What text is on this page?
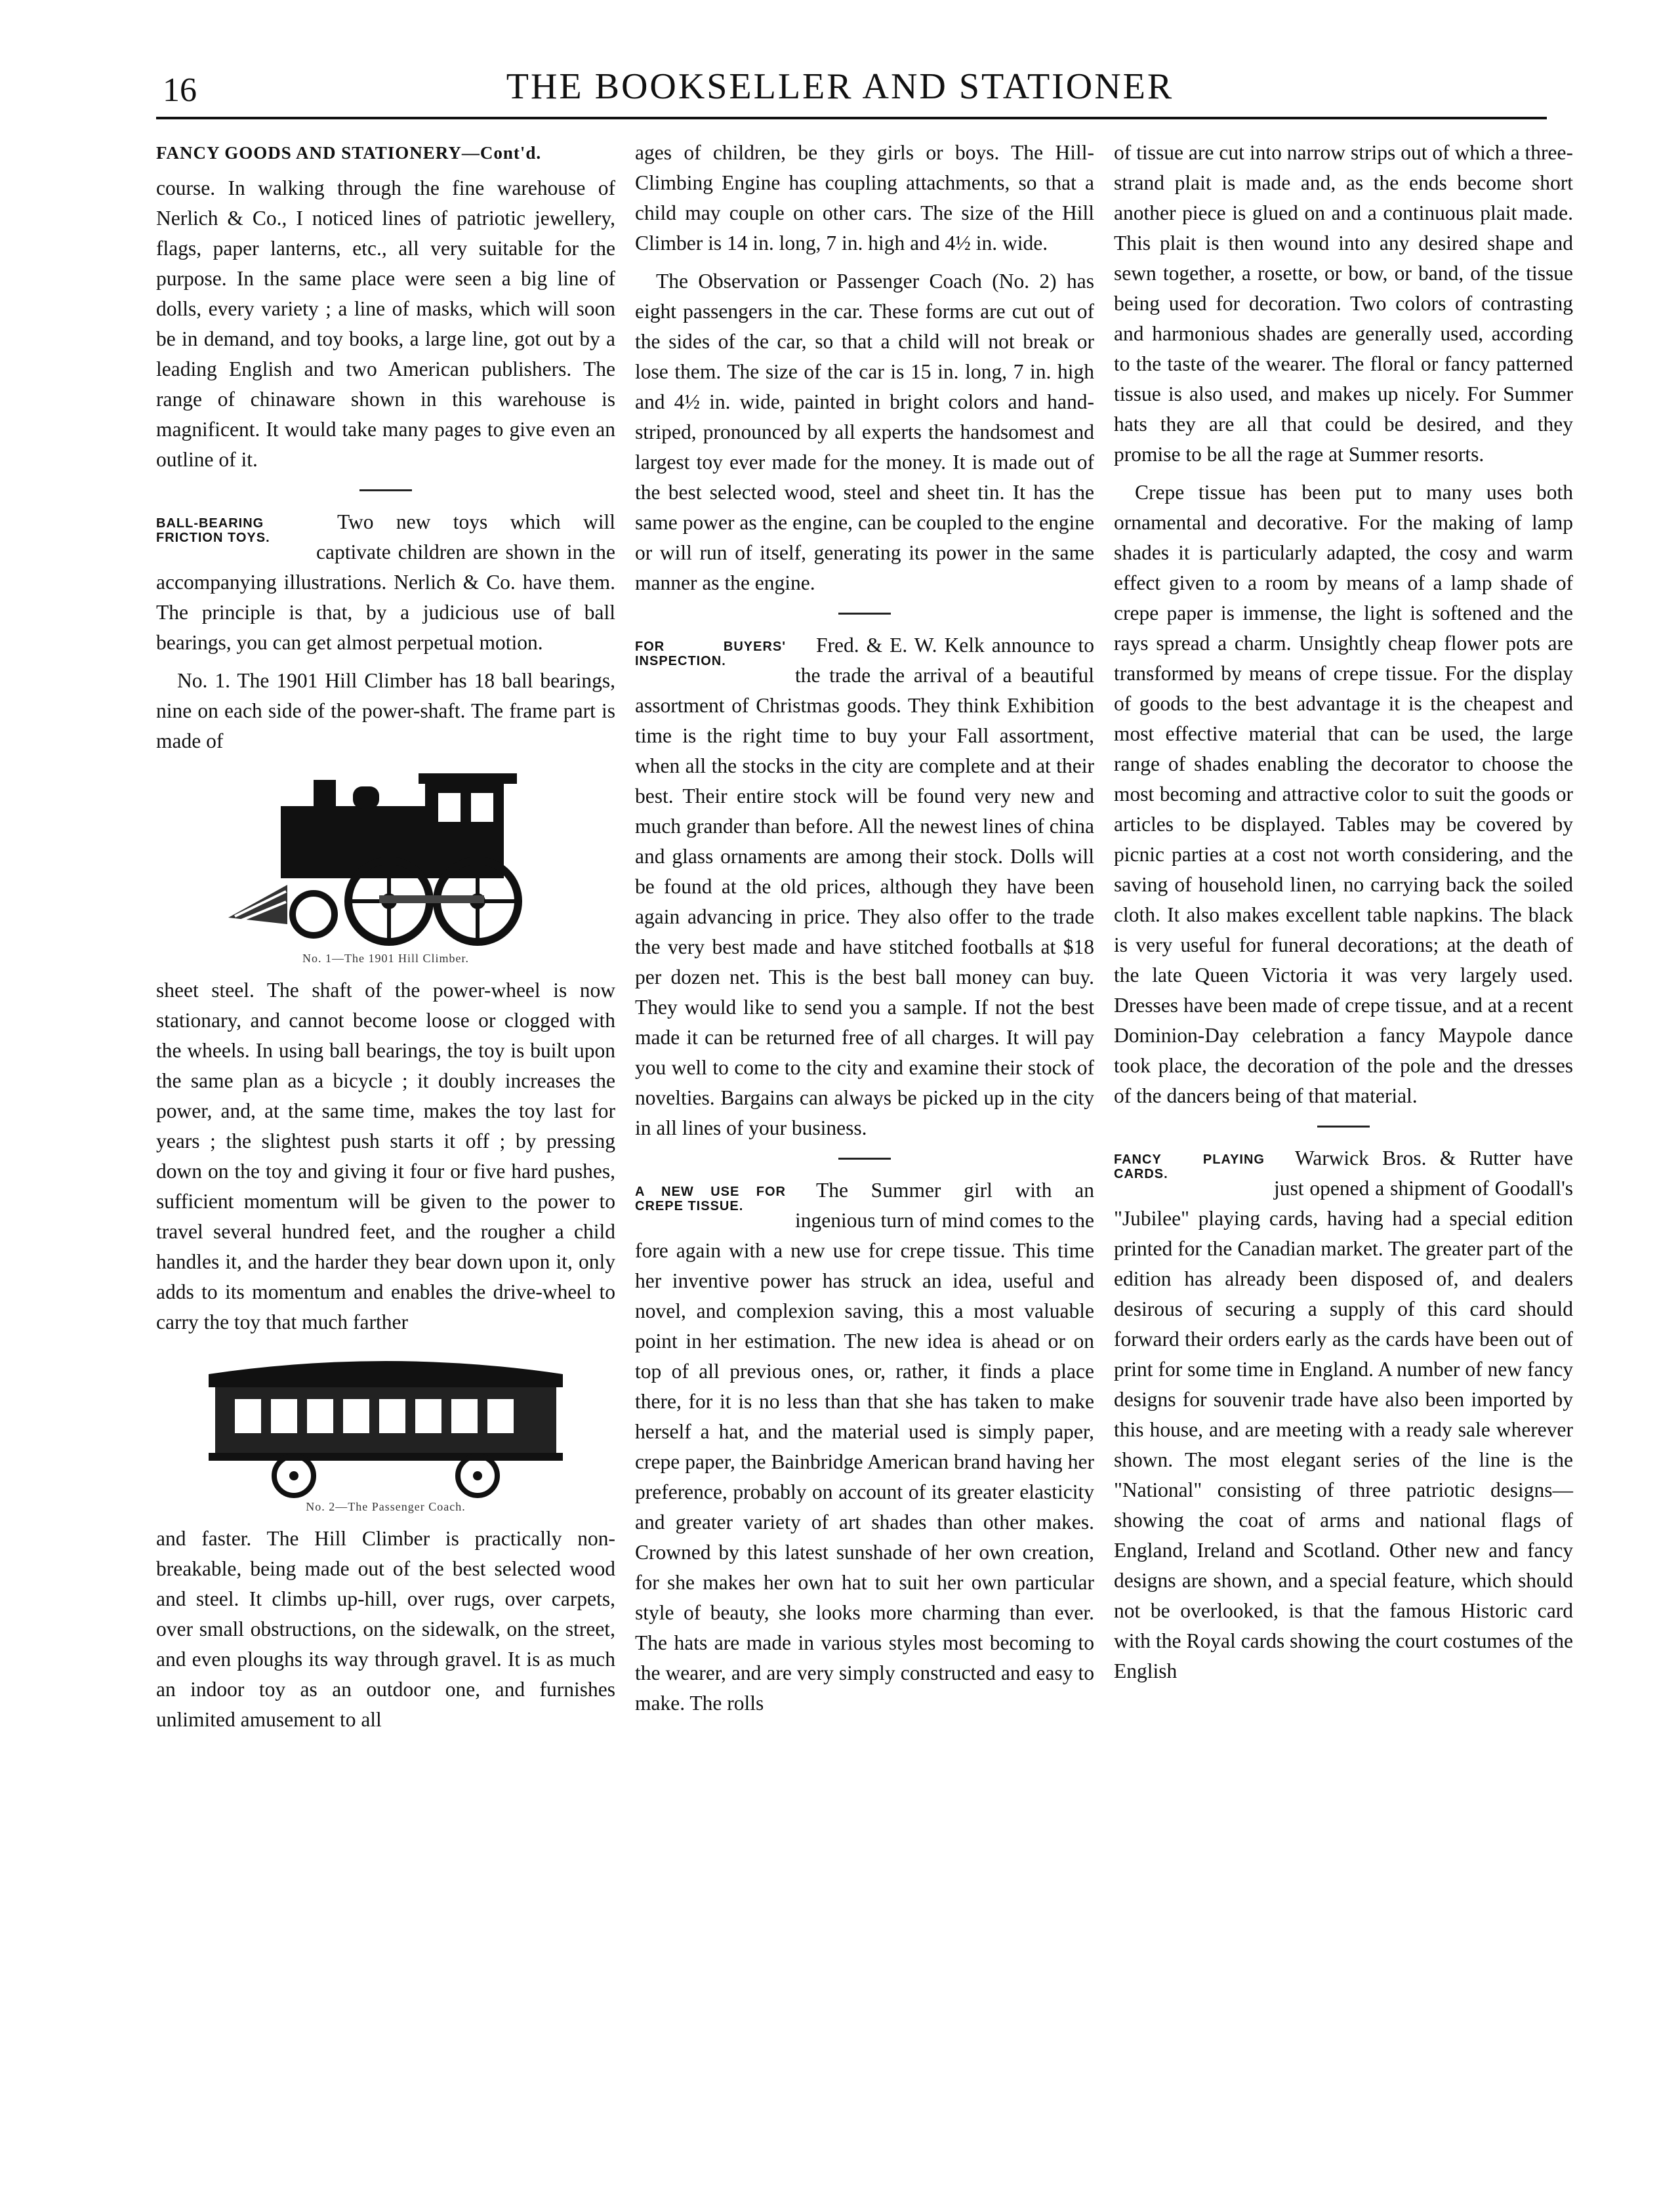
16	THE BOOKSELLER AND STATIONER
FANCY GOODS AND STATIONERY—Cont'd.

course. In walking through the fine warehouse of Nerlich & Co., I noticed lines of patriotic jewellery, flags, paper lanterns, etc., all very suitable for the purpose. In the same place were seen a big line of dolls, every variety ; a line of masks, which will soon be in demand, and toy books, a large line, got out by a leading English and two American publishers. The range of chinaware shown in this warehouse is magnificent. It would take many pages to give even an outline of it.

BALL-BEARING FRICTION TOYS.

Two new toys which will captivate children are shown in the accompanying illustrations. Nerlich & Co. have them. The principle is that, by a judicious use of ball bearings, you can get almost perpetual motion.

No. 1. The 1901 Hill Climber has 18 ball bearings, nine on each side of the power-shaft. The frame part is made of

No. 1—The 1901 Hill Climber.

sheet steel. The shaft of the power-wheel is now stationary, and cannot become loose or clogged with the wheels. In using ball bearings, the toy is built upon the same plan as a bicycle ; it doubly increases the power, and, at the same time, makes the toy last for years ; the slightest push starts it off ; by pressing down on the toy and giving it four or five hard pushes, sufficient momentum will be given to the power to travel several hundred feet, and the rougher a child handles it, and the harder they bear down upon it, only adds to its momentum and enables the drive-wheel to carry the toy that much farther

No. 2—The Passenger Coach.

and faster. The Hill Climber is practically non-breakable, being made out of the best selected wood and steel. It climbs up-hill, over rugs, over carpets, over small obstructions, on the sidewalk, on the street, and even ploughs its way through gravel. It is as much an indoor toy as an outdoor one, and furnishes unlimited amusement to all

ages of children, be they girls or boys. The Hill-Climbing Engine has coupling attachments, so that a child may couple on other cars. The size of the Hill Climber is 14 in. long, 7 in. high and 4½ in. wide.

The Observation or Passenger Coach (No. 2) has eight passengers in the car. These forms are cut out of the sides of the car, so that a child will not break or lose them. The size of the car is 15 in. long, 7 in. high and 4½ in. wide, painted in bright colors and hand-striped, pronounced by all experts the handsomest and largest toy ever made for the money. It is made out of the best selected wood, steel and sheet tin. It has the same power as the engine, can be coupled to the engine or will run of itself, generating its power in the same manner as the engine.

FOR BUYERS' INSPECTION.

Fred. & E. W. Kelk announce to the trade the arrival of a beautiful assortment of Christmas goods. They think Exhibition time is the right time to buy your Fall assortment, when all the stocks in the city are complete and at their best. Their entire stock will be found very new and much grander than before. All the newest lines of china and glass ornaments are among their stock. Dolls will be found at the old prices, although they have been again advancing in price. They also offer to the trade the very best made and have stitched footballs at $18 per dozen net. This is the best ball money can buy. They would like to send you a sample. If not the best made it can be returned free of all charges. It will pay you well to come to the city and examine their stock of novelties. Bargains can always be picked up in the city in all lines of your business.

A NEW USE FOR CREPE TISSUE.

The Summer girl with an ingenious turn of mind comes to the fore again with a new use for crepe tissue. This time her inventive power has struck an idea, useful and novel, and complexion saving, this a most valuable point in her estimation. The new idea is ahead or on top of all previous ones, or, rather, it finds a place there, for it is no less than that she has taken to make herself a hat, and the material used is simply paper, crepe paper, the Bainbridge American brand having her preference, probably on account of its greater elasticity and greater variety of art shades than other makes. Crowned by this latest sunshade of her own creation, for she makes her own hat to suit her own particular style of beauty, she looks more charming than ever. The hats are made in various styles most becoming to the wearer, and are very simply constructed and easy to make. The rolls

of tissue are cut into narrow strips out of which a three-strand plait is made and, as the ends become short another piece is glued on and a continuous plait made. This plait is then wound into any desired shape and sewn together, a rosette, or bow, or band, of the tissue being used for decoration. Two colors of contrasting and harmonious shades are generally used, according to the taste of the wearer. The floral or fancy patterned tissue is also used, and makes up nicely. For Summer hats they are all that could be desired, and they promise to be all the rage at Summer resorts.

Crepe tissue has been put to many uses both ornamental and decorative. For the making of lamp shades it is particularly adapted, the cosy and warm effect given to a room by means of a lamp shade of crepe paper is immense, the light is softened and the rays spread a charm. Unsightly cheap flower pots are transformed by means of crepe tissue. For the display of goods to the best advantage it is the cheapest and most effective material that can be used, the large range of shades enabling the decorator to choose the most becoming and attractive color to suit the goods or articles to be displayed. Tables may be covered by picnic parties at a cost not worth considering, and the saving of household linen, no carrying back the soiled cloth. It also makes excellent table napkins. The black is very useful for funeral decorations; at the death of the late Queen Victoria it was very largely used. Dresses have been made of crepe tissue, and at a recent Dominion-Day celebration a fancy Maypole dance took place, the decoration of the pole and the dresses of the dancers being of that material.

FANCY PLAYING CARDS.

Warwick Bros. & Rutter have just opened a shipment of Goodall's "Jubilee" playing cards, having had a special edition printed for the Canadian market. The greater part of the edition has already been disposed of, and dealers desirous of securing a supply of this card should forward their orders early as the cards have been out of print for some time in England. A number of new fancy designs for souvenir trade have also been imported by this house, and are meeting with a ready sale wherever shown. The most elegant series of the line is the "National" consisting of three patriotic designs—showing the coat of arms and national flags of England, Ireland and Scotland. Other new and fancy designs are shown, and a special feature, which should not be overlooked, is that the famous Historic card with the Royal cards showing the court costumes of the English
